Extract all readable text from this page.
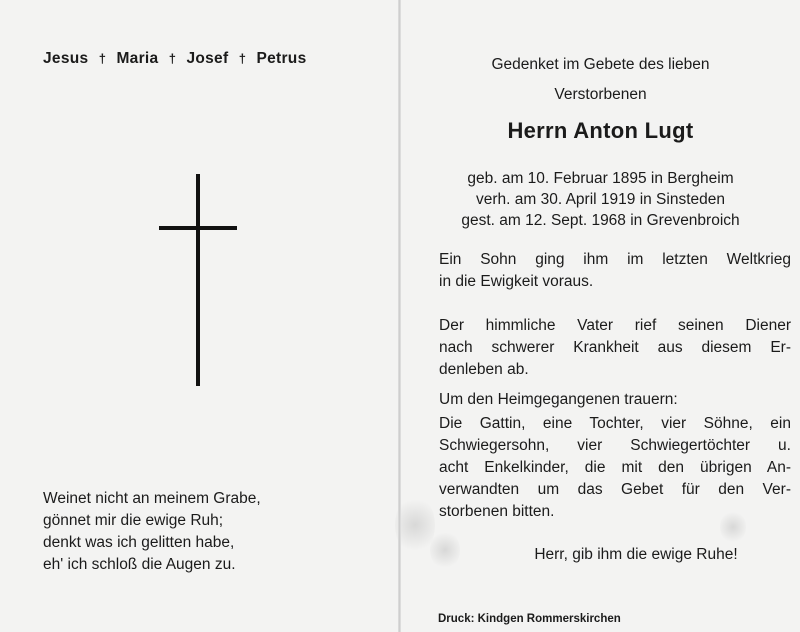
Jesus † Maria † Josef † Petrus
Weinet nicht an meinem Grabe,
gönnet mir die ewige Ruh;
denkt was ich gelitten habe,
eh' ich schloß die Augen zu.
Gedenket im Gebete des lieben
Verstorbenen
Herrn Anton Lugt
geb. am 10. Februar 1895 in Bergheim
verh. am 30. April 1919 in Sinsteden
gest. am 12. Sept. 1968 in Grevenbroich
Ein Sohn ging ihm im letzten Weltkrieg
in die Ewigkeit voraus.
Der himmliche Vater rief seinen Diener
nach schwerer Krankheit aus diesem Er-
denleben ab.
Um den Heimgegangenen trauern:
Die Gattin, eine Tochter, vier Söhne, ein
Schwiegersohn, vier Schwiegertöchter u.
acht Enkelkinder, die mit den übrigen An-
verwandten um das Gebet für den Ver-
storbenen bitten.
Herr, gib ihm die ewige Ruhe!
Druck: Kindgen Rommerskirchen
